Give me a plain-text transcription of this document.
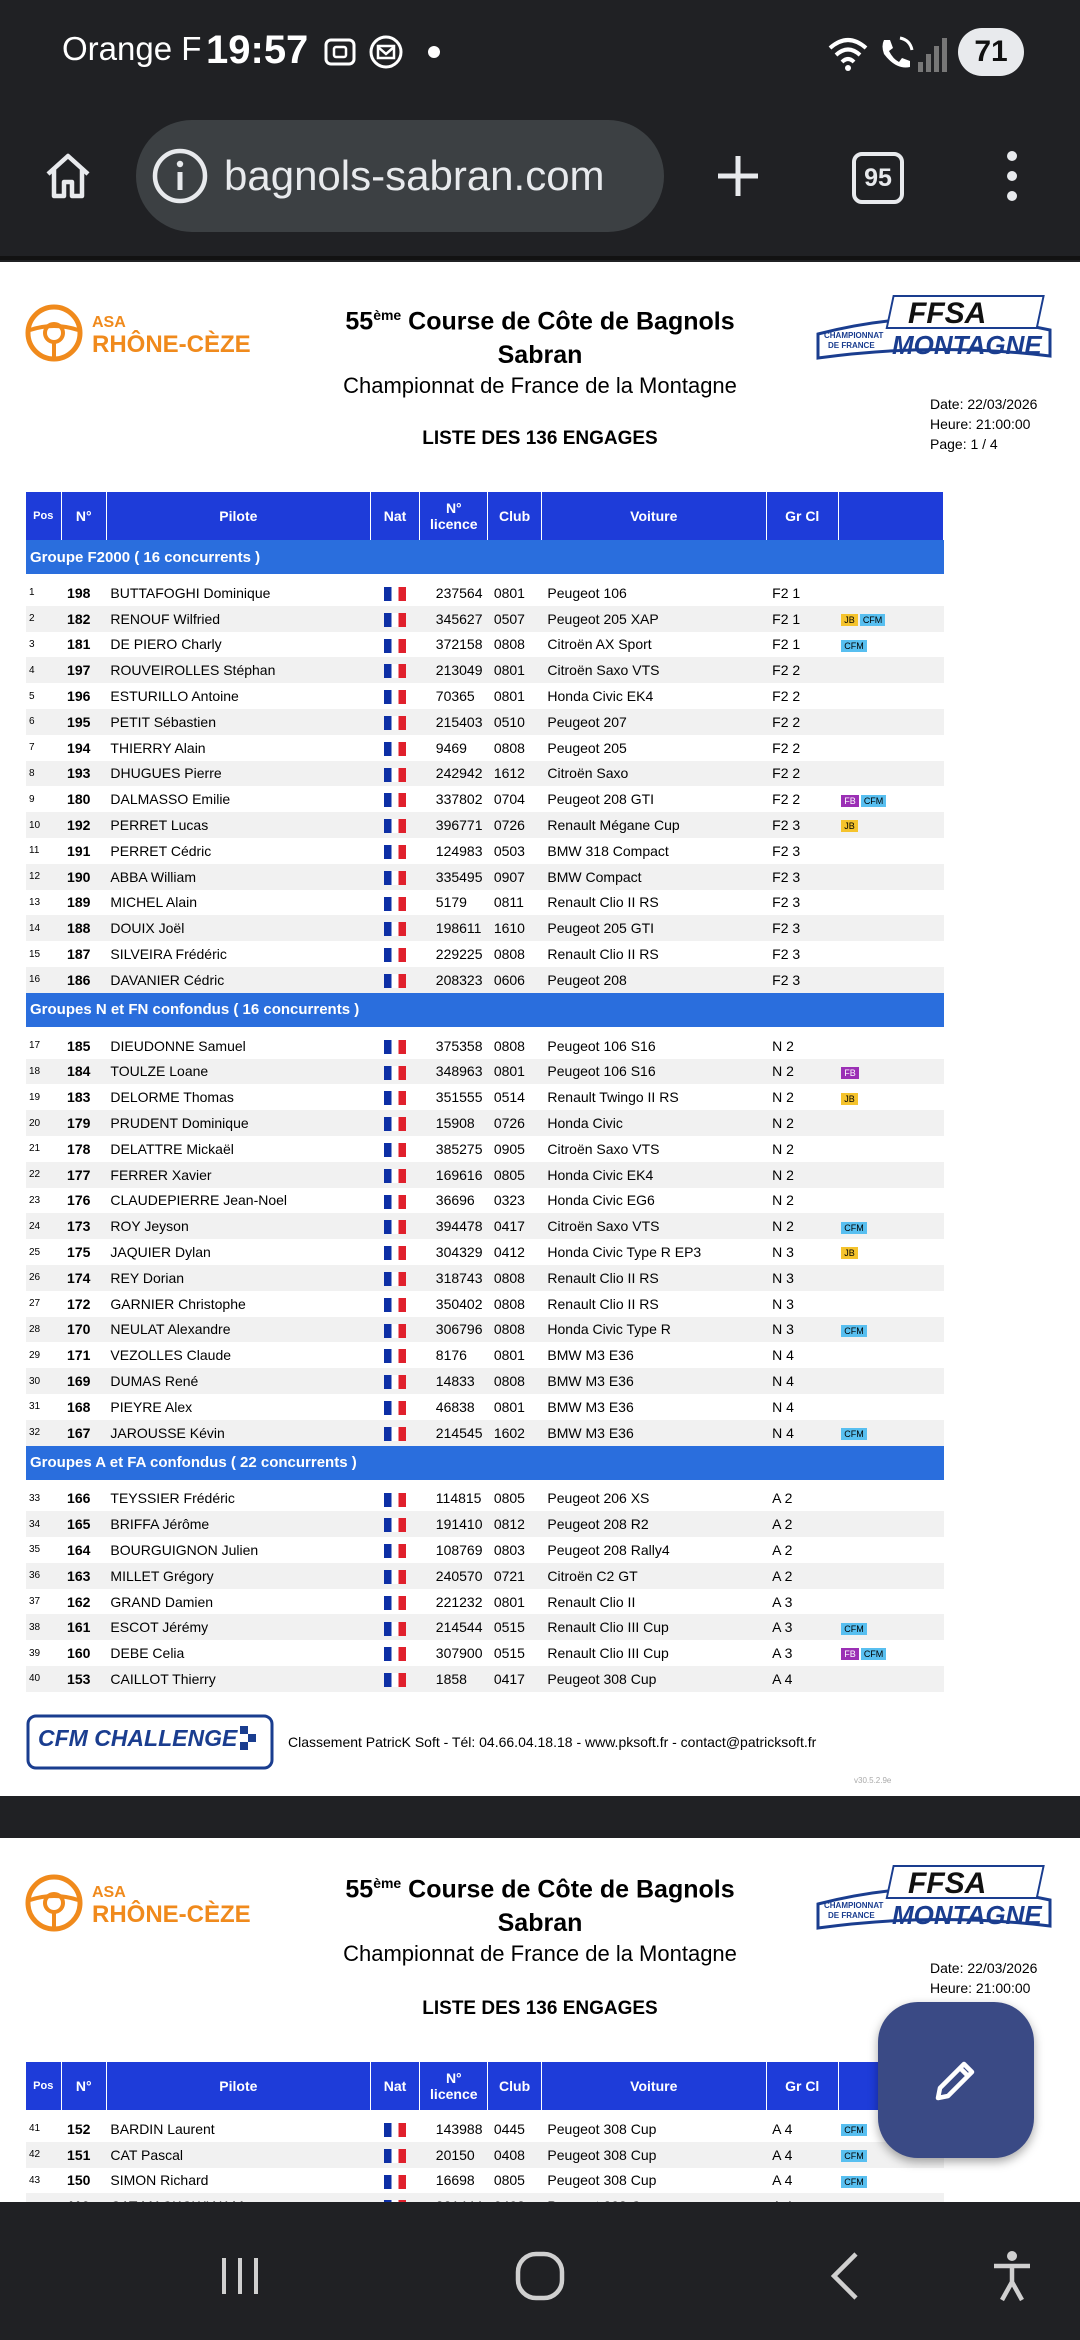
Orange F 19:57	71
bagnols-sabran.com	95
ASA
RHÔNE-CÈZE
55ème Course de Côte de Bagnols Sabran
Championnat de France de la Montagne
FFSA
CHAMPIONNAT
DE FRANCE MONTAGNE
Date: 22/03/2026
Heure: 21:00:00
Page: 1 / 4
LISTE DES 136 ENGAGES
Pos	N°	Pilote	Nat	N° licence	Club	Voiture	Gr Cl	
Groupe F2000 ( 16 concurrents )								

1	198	BUTTAFOGHI Dominique		237564	0801	Peugeot 106	F2 1	
2	182	RENOUF Wilfried		345627	0507	Peugeot 205 XAP	F2 1	JB CFM
3	181	DE PIERO Charly		372158	0808	Citroën AX Sport	F2 1	CFM
4	197	ROUVEIROLLES Stéphan		213049	0801	Citroën Saxo VTS	F2 2	
5	196	ESTURILLO Antoine		70365	0801	Honda Civic EK4	F2 2	
6	195	PETIT Sébastien		215403	0510	Peugeot 207	F2 2	
7	194	THIERRY Alain		9469	0808	Peugeot 205	F2 2	
8	193	DHUGUES Pierre		242942	1612	Citroën Saxo	F2 2	
9	180	DALMASSO Emilie		337802	0704	Peugeot 208 GTI	F2 2	FB CFM
10	192	PERRET Lucas		396771	0726	Renault Mégane Cup	F2 3	JB
11	191	PERRET Cédric		124983	0503	BMW 318 Compact	F2 3	
12	190	ABBA William		335495	0907	BMW Compact	F2 3	
13	189	MICHEL Alain		5179	0811	Renault Clio II RS	F2 3	
14	188	DOUIX Joël		198611	1610	Peugeot 205 GTI	F2 3	
15	187	SILVEIRA Frédéric		229225	0808	Renault Clio II RS	F2 3	
16	186	DAVANIER Cédric		208323	0606	Peugeot 208	F2 3	
Groupes N et FN confondus ( 16 concurrents )								

17	185	DIEUDONNE Samuel		375358	0808	Peugeot 106 S16	N 2	
18	184	TOULZE Loane		348963	0801	Peugeot 106 S16	N 2	FB
19	183	DELORME Thomas		351555	0514	Renault Twingo II RS	N 2	JB
20	179	PRUDENT Dominique		15908	0726	Honda Civic	N 2	
21	178	DELATTRE Mickaël		385275	0905	Citroën Saxo VTS	N 2	
22	177	FERRER Xavier		169616	0805	Honda Civic EK4	N 2	
23	176	CLAUDEPIERRE Jean-Noel		36696	0323	Honda Civic EG6	N 2	
24	173	ROY Jeyson		394478	0417	Citroën Saxo VTS	N 2	CFM
25	175	JAQUIER Dylan		304329	0412	Honda Civic Type R EP3	N 3	JB
26	174	REY Dorian		318743	0808	Renault Clio II RS	N 3	
27	172	GARNIER Christophe		350402	0808	Renault Clio II RS	N 3	
28	170	NEULAT Alexandre		306796	0808	Honda Civic Type R	N 3	CFM
29	171	VEZOLLES Claude		8176	0801	BMW M3 E36	N 4	
30	169	DUMAS René		14833	0808	BMW M3 E36	N 4	
31	168	PIEYRE Alex		46838	0801	BMW M3 E36	N 4	
32	167	JAROUSSE Kévin		214545	1602	BMW M3 E36	N 4	CFM
Groupes A et FA confondus ( 22 concurrents )								

33	166	TEYSSIER Frédéric		114815	0805	Peugeot 206 XS	A 2	
34	165	BRIFFA Jérôme		191410	0812	Peugeot 208 R2	A 2	
35	164	BOURGUIGNON Julien		108769	0803	Peugeot 208 Rally4	A 2	
36	163	MILLET Grégory		240570	0721	Citroën C2 GT	A 2	
37	162	GRAND Damien		221232	0801	Renault Clio II	A 3	
38	161	ESCOT Jérémy		214544	0515	Renault Clio III Cup	A 3	CFM
39	160	DEBE Celia		307900	0515	Renault Clio III Cup	A 3	FB CFM
40	153	CAILLOT Thierry		1858	0417	Peugeot 308 Cup	A 4	
CFM CHALLENGE	Classement PatricK Soft - Tél: 04.66.04.18.18 - www.pksoft.fr - contact@patricksoft.fr
v30.5.2.9e
ASA
RHÔNE-CÈZE
55ème Course de Côte de Bagnols Sabran
Championnat de France de la Montagne
FFSA
CHAMPIONNAT
DE FRANCE MONTAGNE
Date: 22/03/2026
Heure: 21:00:00
LISTE DES 136 ENGAGES
Pos	N°	Pilote	Nat	N° licence	Club	Voiture	Gr Cl	

41	152	BARDIN Laurent		143988	0445	Peugeot 308 Cup	A 4	CFM
42	151	CAT Pascal		20150	0408	Peugeot 308 Cup	A 4	CFM
43	150	SIMON Richard		16698	0805	Peugeot 308 Cup	A 4	CFM
